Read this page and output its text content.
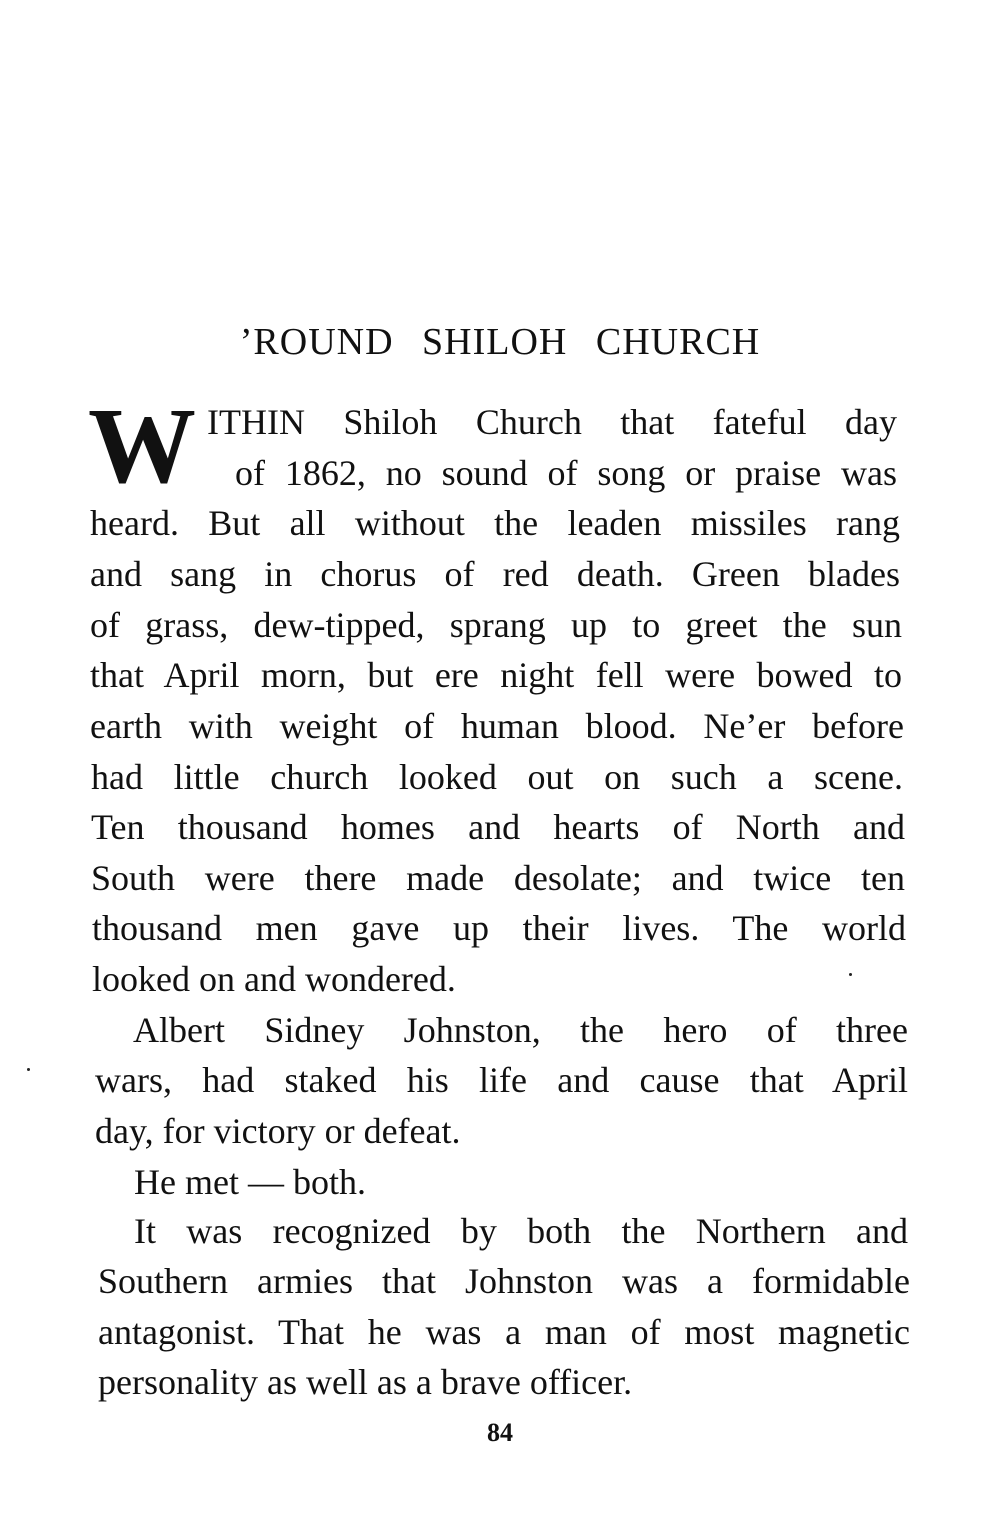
’ROUND SHILOH CHURCH
W ITHIN Shiloh Church that fateful day
of 1862, no sound of song or praise was
heard. But all without the leaden missiles rang
and sang in chorus of red death. Green blades
of grass, dew-tipped, sprang up to greet the sun
that April morn, but ere night fell were bowed to
earth with weight of human blood. Ne’er before
had little church looked out on such a scene.
Ten thousand homes and hearts of North and
South were there made desolate; and twice ten
thousand men gave up their lives. The world
looked on and wondered.
Albert Sidney Johnston, the hero of three
wars, had staked his life and cause that April
day, for victory or defeat.
He met — both.
It was recognized by both the Northern and
Southern armies that Johnston was a formidable
antagonist. That he was a man of most magnetic
personality as well as a brave officer.
84
